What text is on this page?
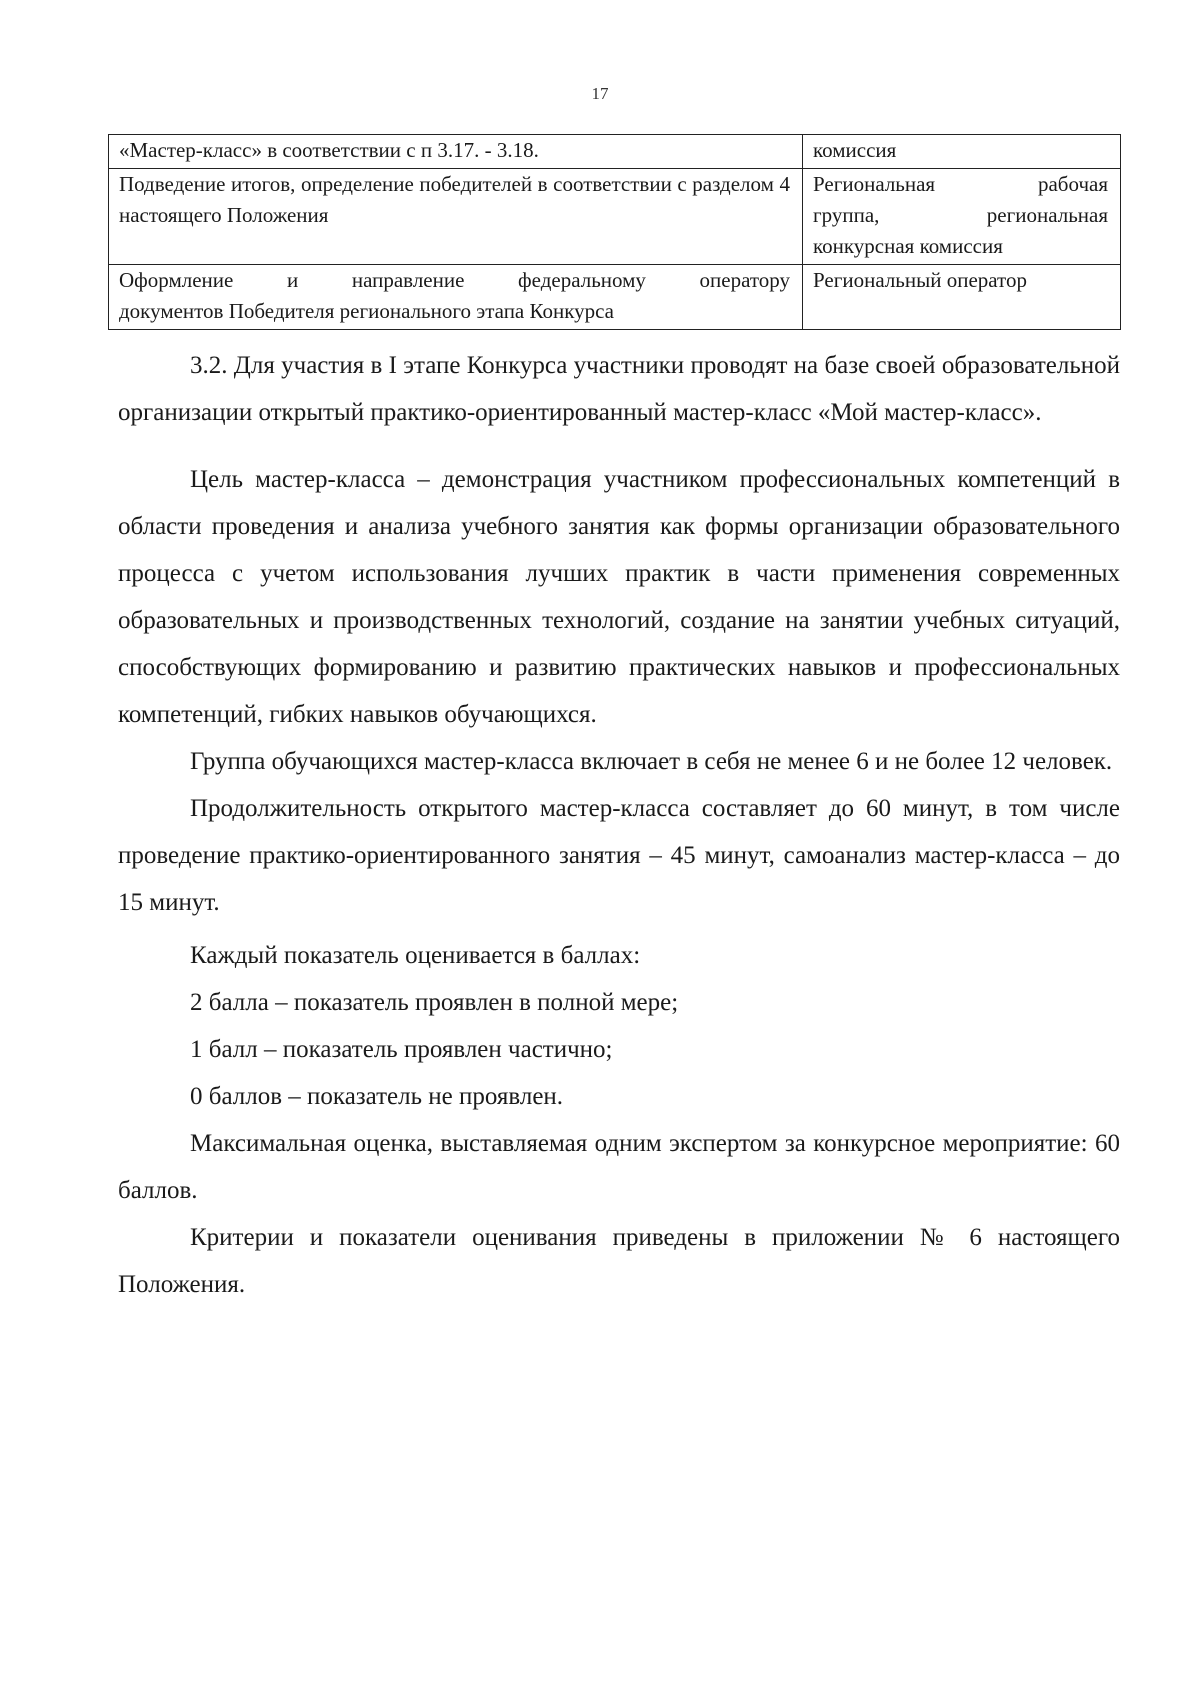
17
«Мастер-класс» в соответствии с п 3.17. - 3.18.	комиссия
Подведение итогов, определение победителей в соответствии с разделом 4 настоящего Положения	Региональная рабочая
группа, региональная
конкурсная комиссия

Оформление и направление федеральному оператору
документов Победителя регионального этапа Конкурса	Региональный оператор

3.2. Для участия в I этапе Конкурса участники проводят на базе своей образовательной организации открытый практико-ориентированный мастер-класс «Мой мастер-класс».

Цель мастер-класса – демонстрация участником профессиональных компетенций в области проведения и анализа учебного занятия как формы организации образовательного процесса с учетом использования лучших практик в части применения современных образовательных и производственных технологий, создание на занятии учебных ситуаций, способствующих формированию и развитию практических навыков и профессиональных компетенций, гибких навыков обучающихся.

Группа обучающихся мастер-класса включает в себя не менее 6 и не более 12 человек.

Продолжительность открытого мастер-класса составляет до 60 минут, в том числе проведение практико-ориентированного занятия – 45 минут, самоанализ мастер-класса – до 15 минут.

Каждый показатель оценивается в баллах:

2 балла – показатель проявлен в полной мере;

1 балл – показатель проявлен частично;

0 баллов – показатель не проявлен.

Максимальная оценка, выставляемая одним экспертом за конкурсное мероприятие: 60 баллов.

Критерии и показатели оценивания приведены в приложении № 6 настоящего Положения.
